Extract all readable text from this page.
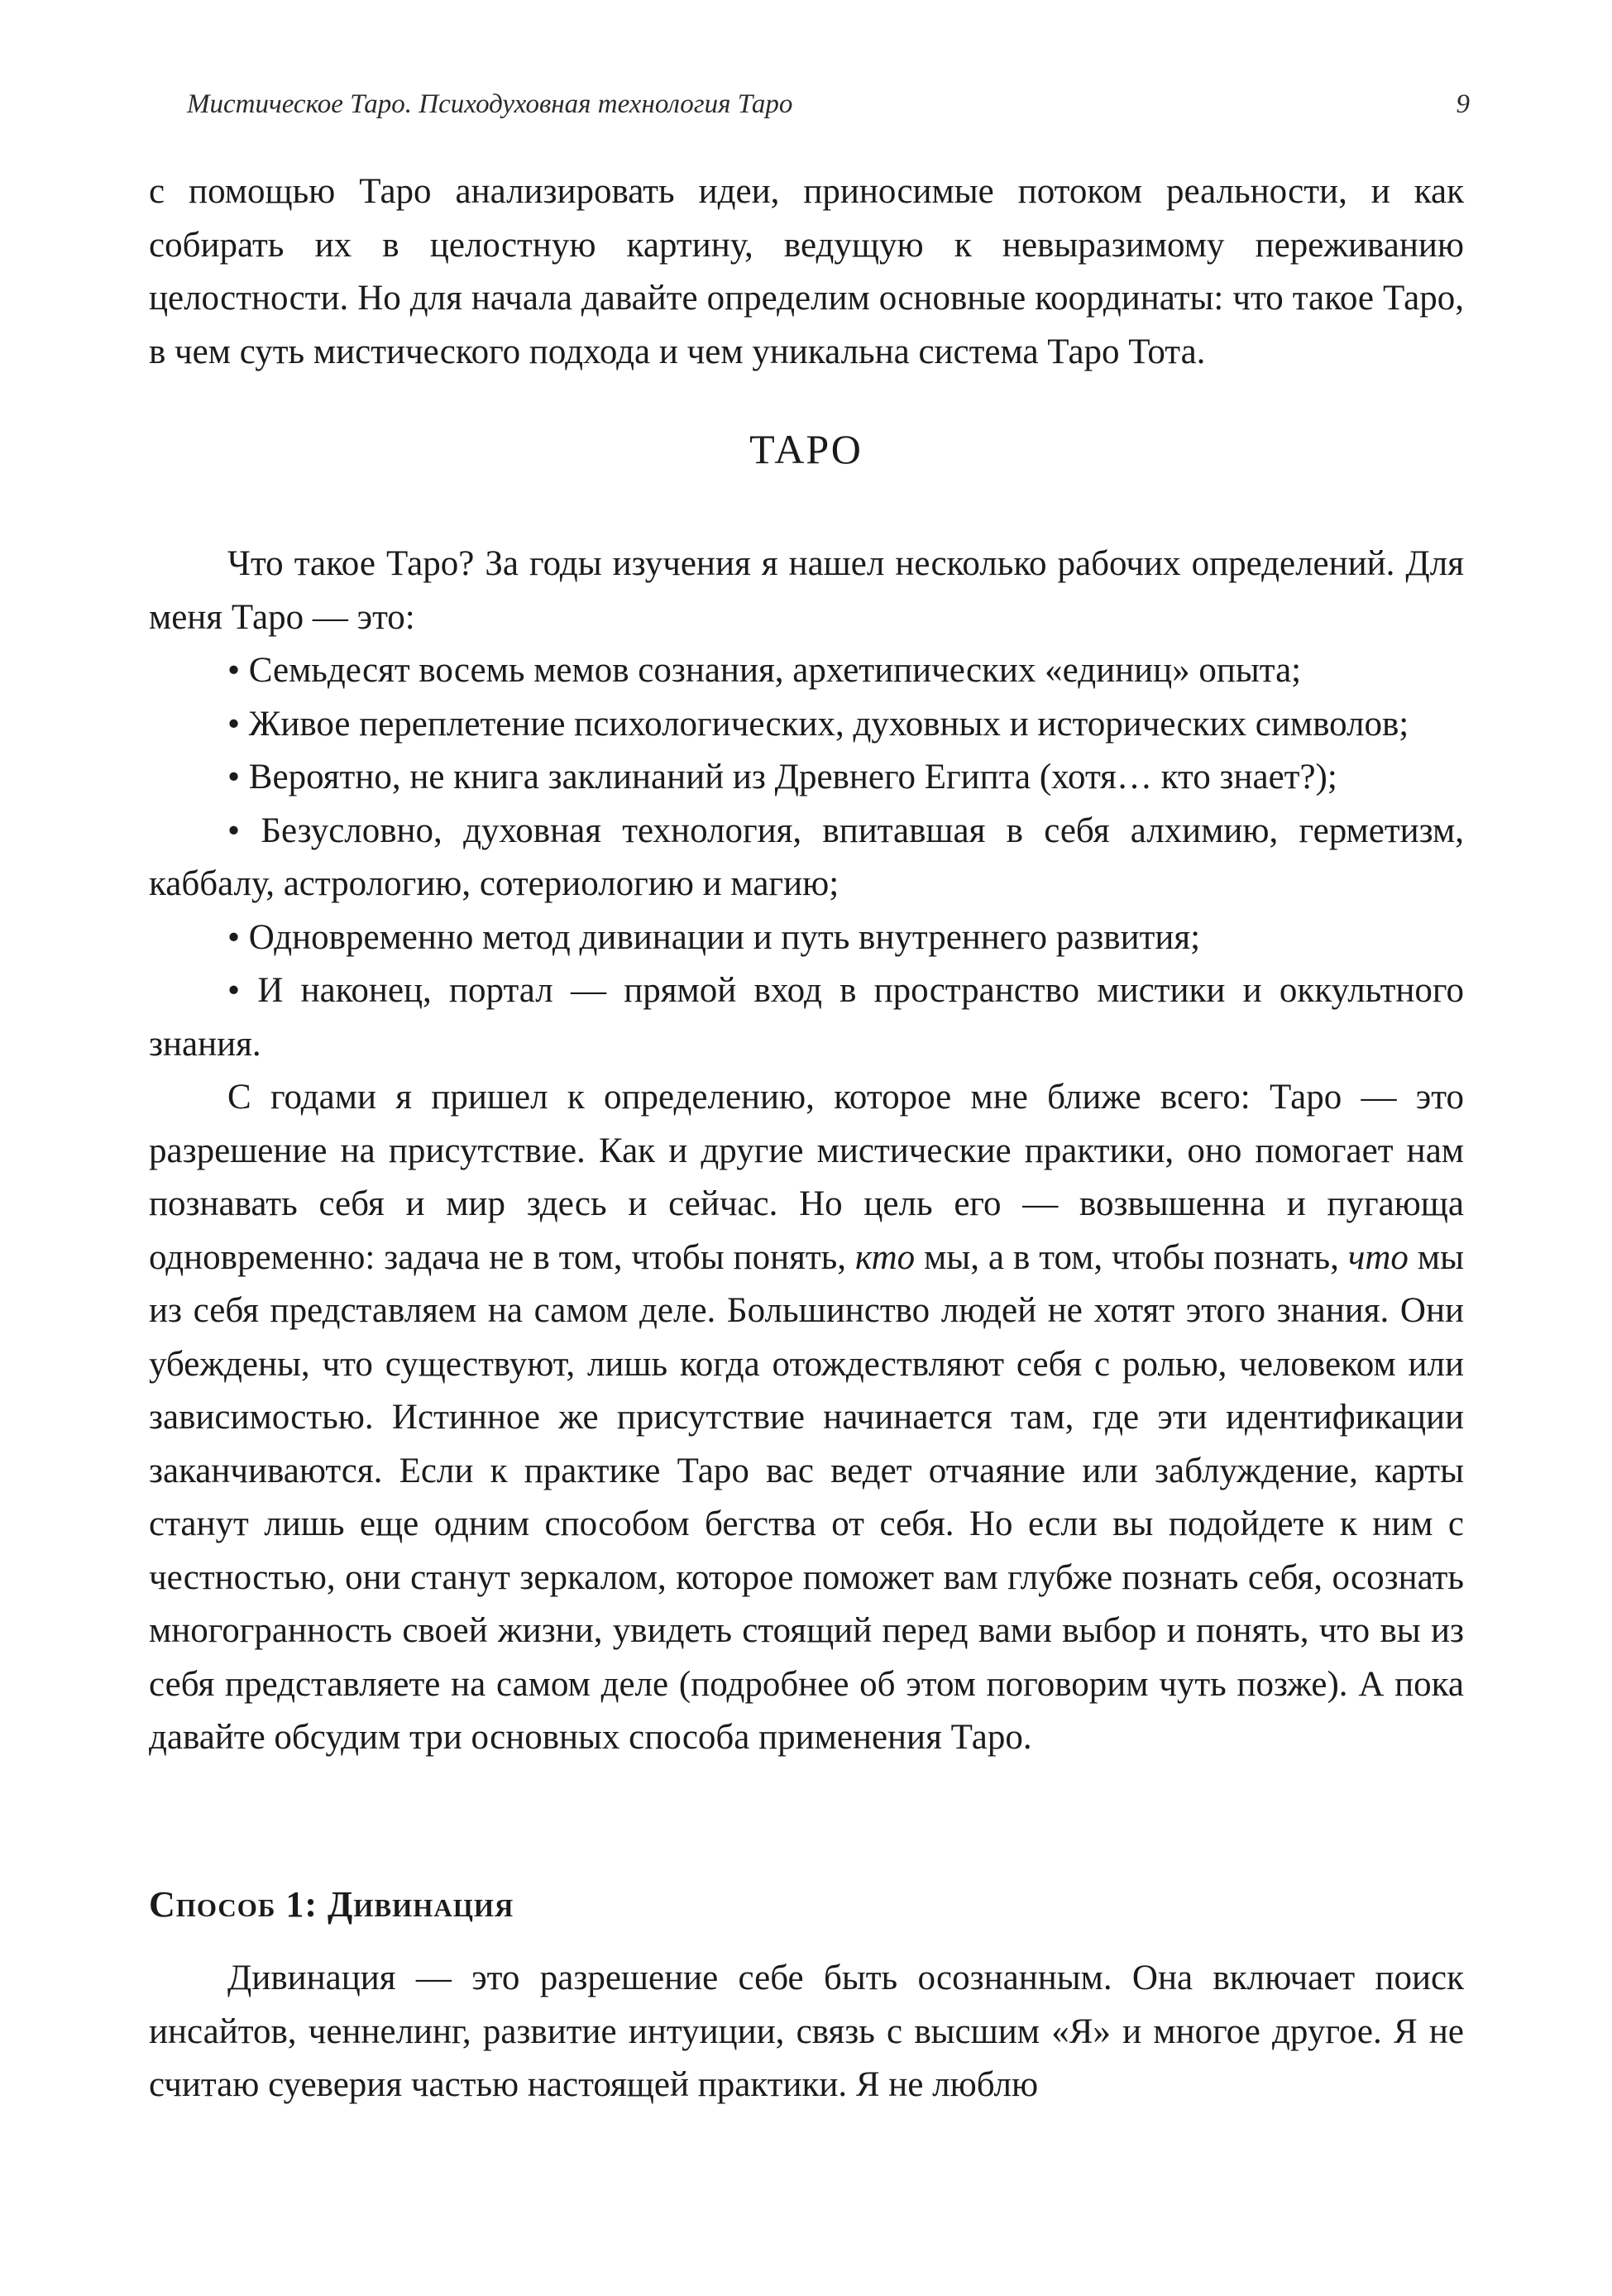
Мистическое Таро. Психодуховная технология Таро	9

с помощью Таро анализировать идеи, приносимые потоком реальности, и как собирать их в целостную картину, ведущую к невыразимому переживанию целостности. Но для начала давайте определим основные координаты: что такое Таро, в чем суть мистического подхода и чем уникальна система Таро Тота.

ТАРО

Что такое Таро? За годы изучения я нашел несколько рабочих определений. Для меня Таро — это:

• Семьдесят восемь мемов сознания, архетипических «единиц» опыта;

• Живое переплетение психологических, духовных и исторических символов;

• Вероятно, не книга заклинаний из Древнего Египта (хотя… кто знает?);

• Безусловно, духовная технология, впитавшая в себя алхимию, герметизм, каббалу, астрологию, сотериологию и магию;

• Одновременно метод дивинации и путь внутреннего развития;

• И наконец, портал — прямой вход в пространство мистики и оккультного знания.

С годами я пришел к определению, которое мне ближе всего: Таро — это разрешение на присутствие. Как и другие мистические практики, оно помогает нам познавать себя и мир здесь и сейчас. Но цель его — возвышенна и пугающа одновременно: задача не в том, чтобы понять, кто мы, а в том, чтобы познать, что мы из себя представляем на самом деле. Большинство людей не хотят этого знания. Они убеждены, что существуют, лишь когда отождествляют себя с ролью, человеком или зависимостью. Истинное же присутствие начинается там, где эти идентификации заканчиваются. Если к практике Таро вас ведет отчаяние или заблуждение, карты станут лишь еще одним способом бегства от себя. Но если вы подойдете к ним с честностью, они станут зеркалом, которое поможет вам глубже познать себя, осознать многогранность своей жизни, увидеть стоящий перед вами выбор и понять, что вы из себя представляете на самом деле (подробнее об этом поговорим чуть позже). А пока давайте обсудим три основных способа применения Таро.

Способ 1: Дивинация

Дивинация — это разрешение себе быть осознанным. Она включает поиск инсайтов, ченнелинг, развитие интуиции, связь с высшим «Я» и многое другое. Я не считаю суеверия частью настоящей практики. Я не люблю
